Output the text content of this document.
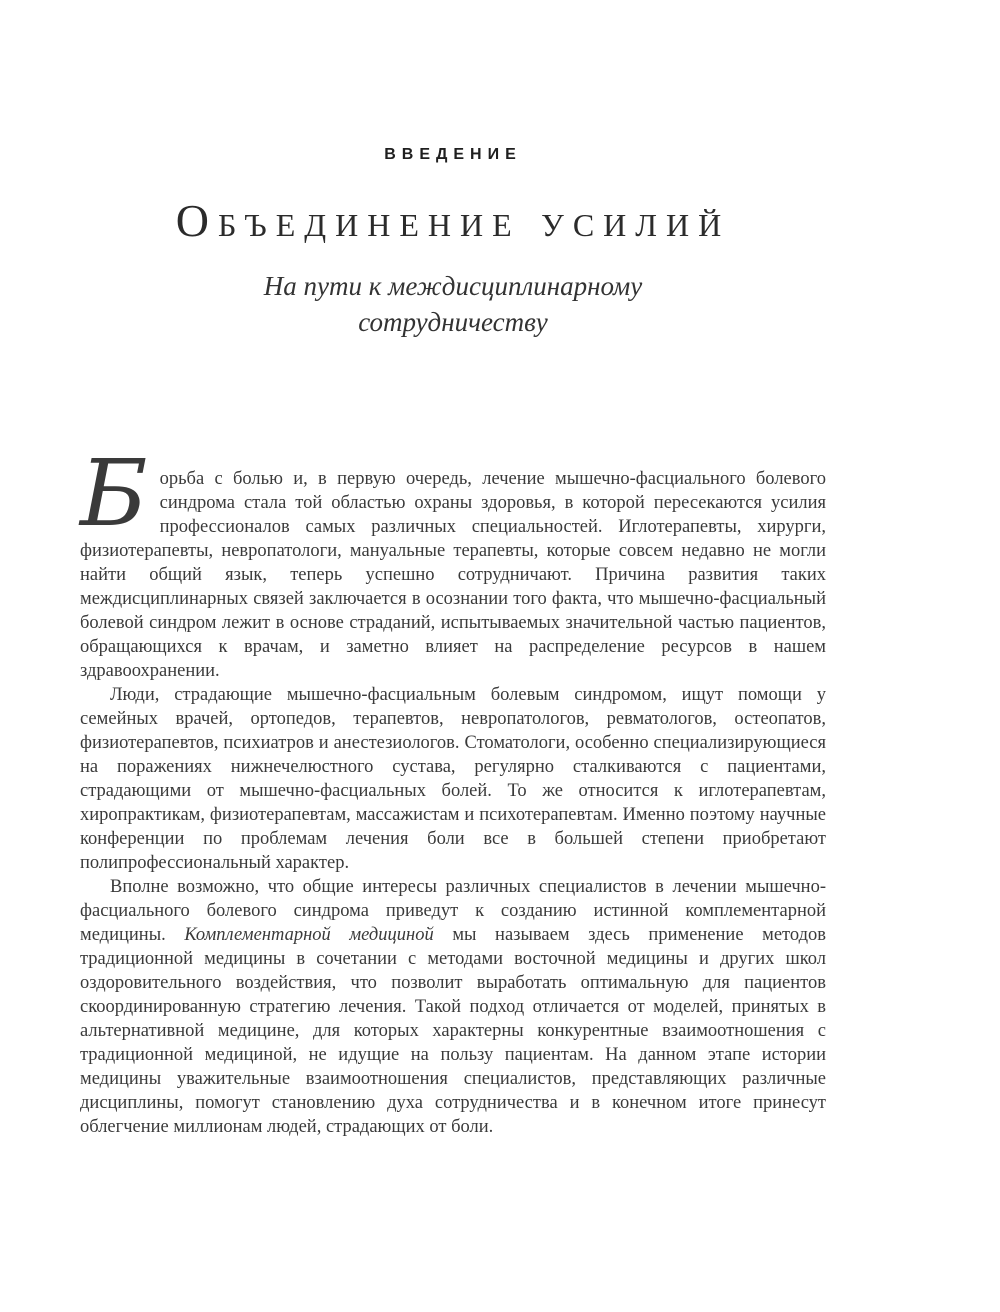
ВВЕДЕНИЕ
Объединение усилий
На пути к междисциплинарному
сотрудничеству

Борьба с болью и, в первую очередь, лечение мышечно-фасциального болевого синдрома стала той областью охраны здоровья, в которой пересекаются усилия профессионалов самых различных специальностей. Иглотерапевты, хирурги, физиотерапевты, невропатологи, мануальные терапевты, которые совсем недавно не могли найти общий язык, теперь успешно сотрудничают. Причина развития таких междисциплинарных связей заключается в осознании того факта, что мышечно-фасциальный болевой синдром лежит в основе страданий, испытываемых значительной частью пациентов, обращающихся к врачам, и заметно влияет на распределение ресурсов в нашем здравоохранении.

Люди, страдающие мышечно-фасциальным болевым синдромом, ищут помощи у семейных врачей, ортопедов, терапевтов, невропатологов, ревматологов, остеопатов, физиотерапевтов, психиатров и анестезиологов. Стоматологи, особенно специализирующиеся на поражениях нижнечелюстного сустава, регулярно сталкиваются с пациентами, страдающими от мышечно-фасциальных болей. То же относится к иглотерапевтам, хиропрактикам, физиотерапевтам, массажистам и психотерапевтам. Именно поэтому научные конференции по проблемам лечения боли все в большей степени приобретают полипрофессиональный характер.

Вполне возможно, что общие интересы различных специалистов в лечении мышечно-фасциального болевого синдрома приведут к созданию истинной комплементарной медицины. Комплементарной медициной мы называем здесь применение методов традиционной медицины в сочетании с методами восточной медицины и других школ оздоровительного воздействия, что позволит выработать оптимальную для пациентов скоординированную стратегию лечения. Такой подход отличается от моделей, принятых в альтернативной медицине, для которых характерны конкурентные взаимоотношения с традиционной медициной, не идущие на пользу пациентам. На данном этапе истории медицины уважительные взаимоотношения специалистов, представляющих различные дисциплины, помогут становлению духа сотрудничества и в конечном итоге принесут облегчение миллионам людей, страдающих от боли.
